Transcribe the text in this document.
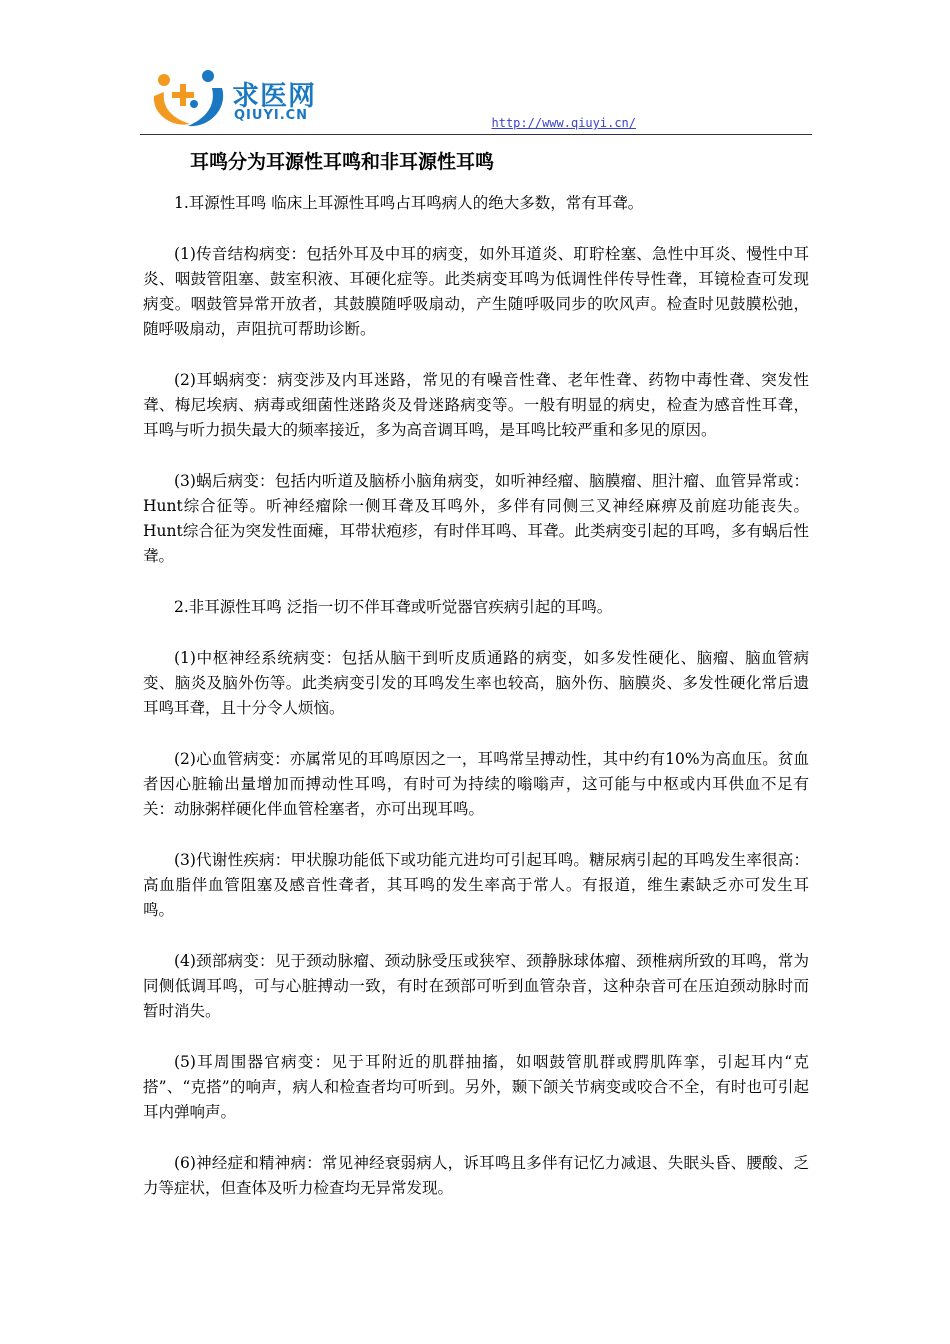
求医网
QIUYI.CN	http://www.qiuyi.cn/
耳鸣分为耳源性耳鸣和非耳源性耳鸣

1.耳源性耳鸣 临床上耳源性耳鸣占耳鸣病人的绝大多数，常有耳聋。

(1)传音结构病变：包括外耳及中耳的病变，如外耳道炎、耵聍栓塞、急性中耳炎、慢性中耳炎、咽鼓管阻塞、鼓室积液、耳硬化症等。此类病变耳鸣为低调性伴传导性聋，耳镜检查可发现病变。咽鼓管异常开放者，其鼓膜随呼吸扇动，产生随呼吸同步的吹风声。检查时见鼓膜松弛，随呼吸扇动，声阻抗可帮助诊断。

(2)耳蜗病变：病变涉及内耳迷路，常见的有噪音性聋、老年性聋、药物中毒性聋、突发性聋、梅尼埃病、病毒或细菌性迷路炎及骨迷路病变等。一般有明显的病史，检查为感音性耳聋，耳鸣与听力损失最大的频率接近，多为高音调耳鸣，是耳鸣比较严重和多见的原因。

(3)蜗后病变：包括内听道及脑桥小脑角病变，如听神经瘤、脑膜瘤、胆汁瘤、血管异常或：Hunt综合征等。听神经瘤除一侧耳聋及耳鸣外，多伴有同侧三叉神经麻痹及前庭功能丧失。Hunt综合征为突发性面瘫，耳带状疱疹，有时伴耳鸣、耳聋。此类病变引起的耳鸣，多有蜗后性聋。

2.非耳源性耳鸣 泛指一切不伴耳聋或听觉器官疾病引起的耳鸣。

(1)中枢神经系统病变：包括从脑干到听皮质通路的病变，如多发性硬化、脑瘤、脑血管病变、脑炎及脑外伤等。此类病变引发的耳鸣发生率也较高，脑外伤、脑膜炎、多发性硬化常后遗耳鸣耳聋，且十分令人烦恼。

(2)心血管病变：亦属常见的耳鸣原因之一，耳鸣常呈搏动性，其中约有10%为高血压。贫血者因心脏输出量增加而搏动性耳鸣，有时可为持续的嗡嗡声，这可能与中枢或内耳供血不足有关：动脉粥样硬化伴血管栓塞者，亦可出现耳鸣。

(3)代谢性疾病：甲状腺功能低下或功能亢进均可引起耳鸣。糖尿病引起的耳鸣发生率很高：高血脂伴血管阻塞及感音性聋者，其耳鸣的发生率高于常人。有报道，维生素缺乏亦可发生耳鸣。

(4)颈部病变：见于颈动脉瘤、颈动脉受压或狭窄、颈静脉球体瘤、颈椎病所致的耳鸣，常为同侧低调耳鸣，可与心脏搏动一致，有时在颈部可听到血管杂音，这种杂音可在压迫颈动脉时而暂时消失。

(5)耳周围器官病变：见于耳附近的肌群抽搐，如咽鼓管肌群或腭肌阵挛，引起耳内“克搭”、“克搭”的响声，病人和检查者均可听到。另外，颞下颌关节病变或咬合不全，有时也可引起耳内弹响声。

(6)神经症和精神病：常见神经衰弱病人，诉耳鸣且多伴有记忆力减退、失眠头昏、腰酸、乏力等症状，但查体及听力检查均无异常发现。
